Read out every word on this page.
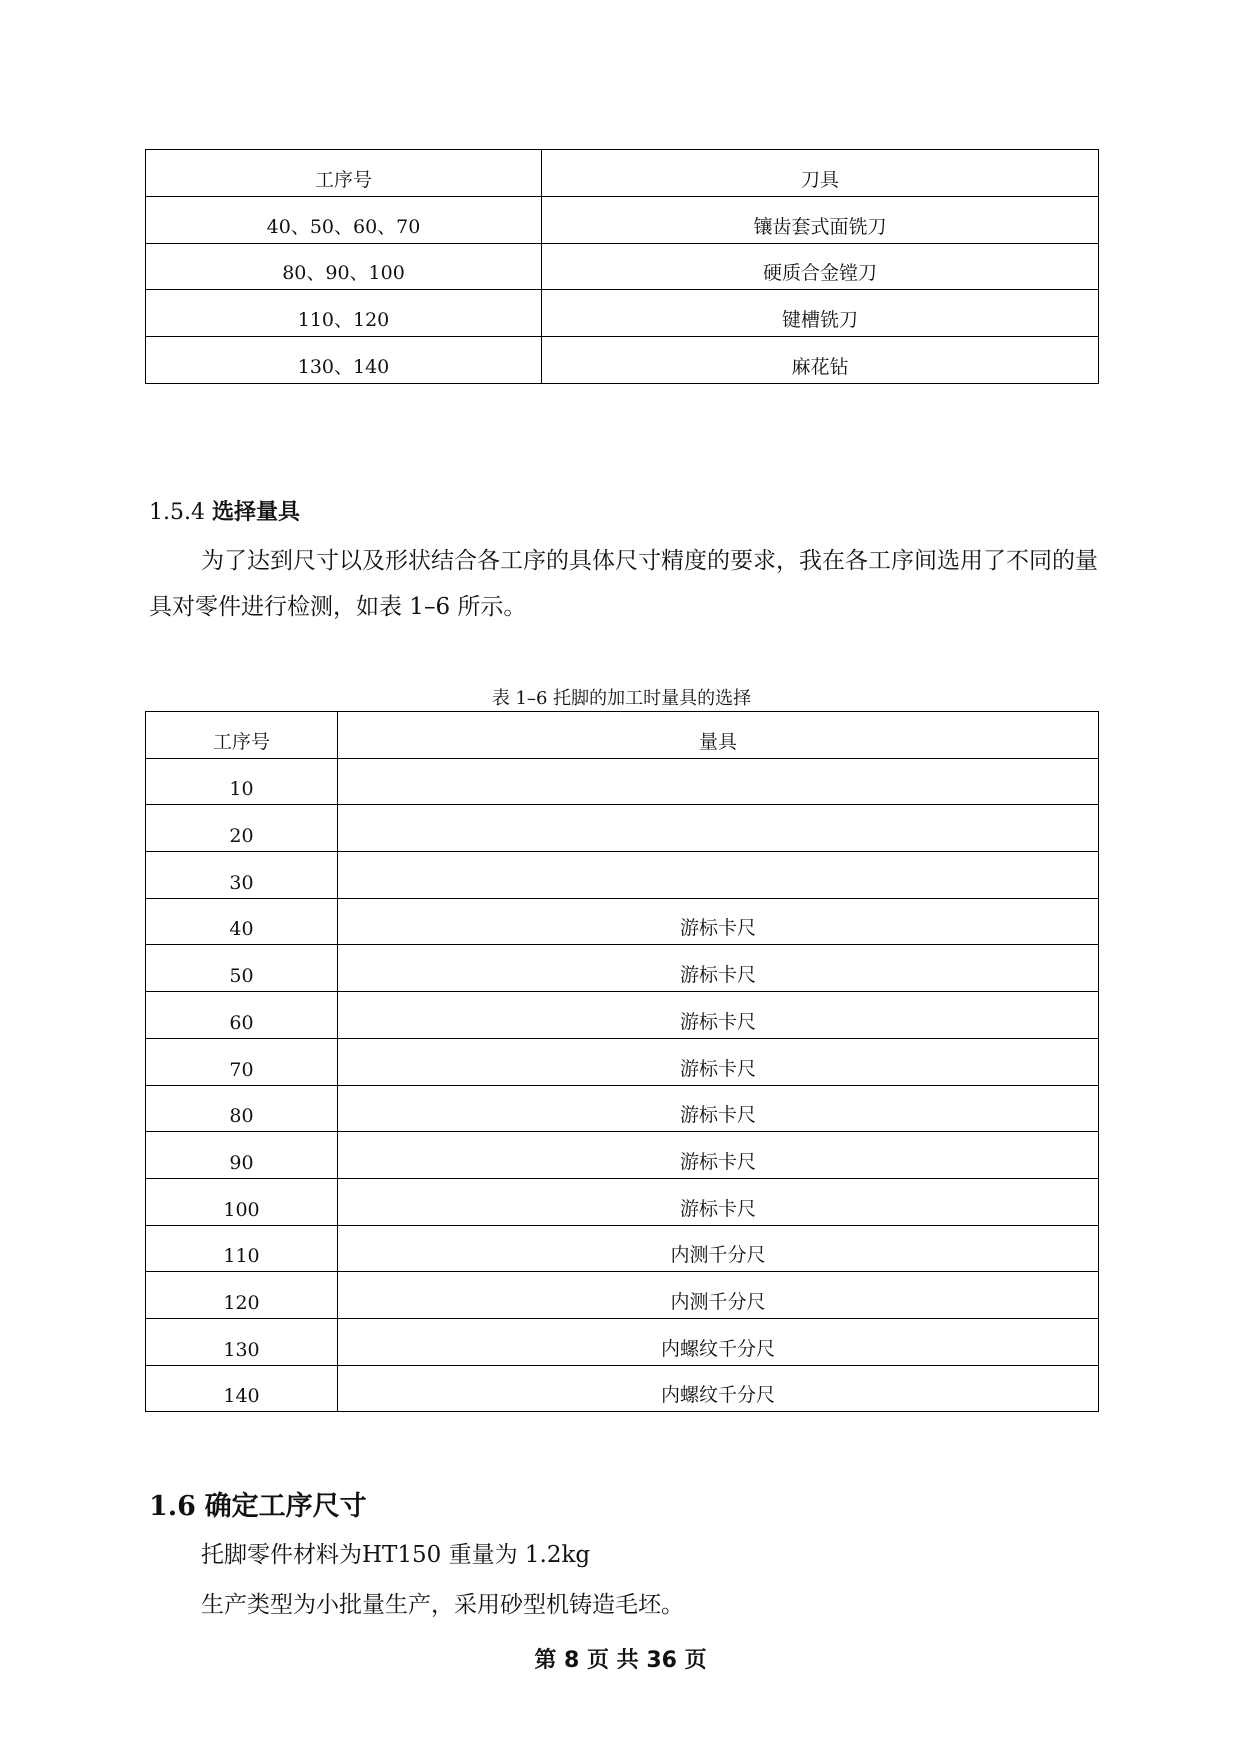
工序号	刀具
40、50、60、70	镶齿套式面铣刀
80、90、100	硬质合金镗刀
110、120	键槽铣刀
130、140	麻花钻
1.5.4 选择量具

为了达到尺寸以及形状结合各工序的具体尺寸精度的要求，我在各工序间选用了不同的量具对零件进行检测，如表 1–6 所示。

表 1–6 托脚的加工时量具的选择
工序号	量具
10	
20	
30	
40	游标卡尺
50	游标卡尺
60	游标卡尺
70	游标卡尺
80	游标卡尺
90	游标卡尺
100	游标卡尺
110	内测千分尺
120	内测千分尺
130	内螺纹千分尺
140	内螺纹千分尺
1.6 确定工序尺寸

托脚零件材料为HT150 重量为 1.2kg

生产类型为小批量生产，采用砂型机铸造毛坯。

第 8 页 共 36 页
